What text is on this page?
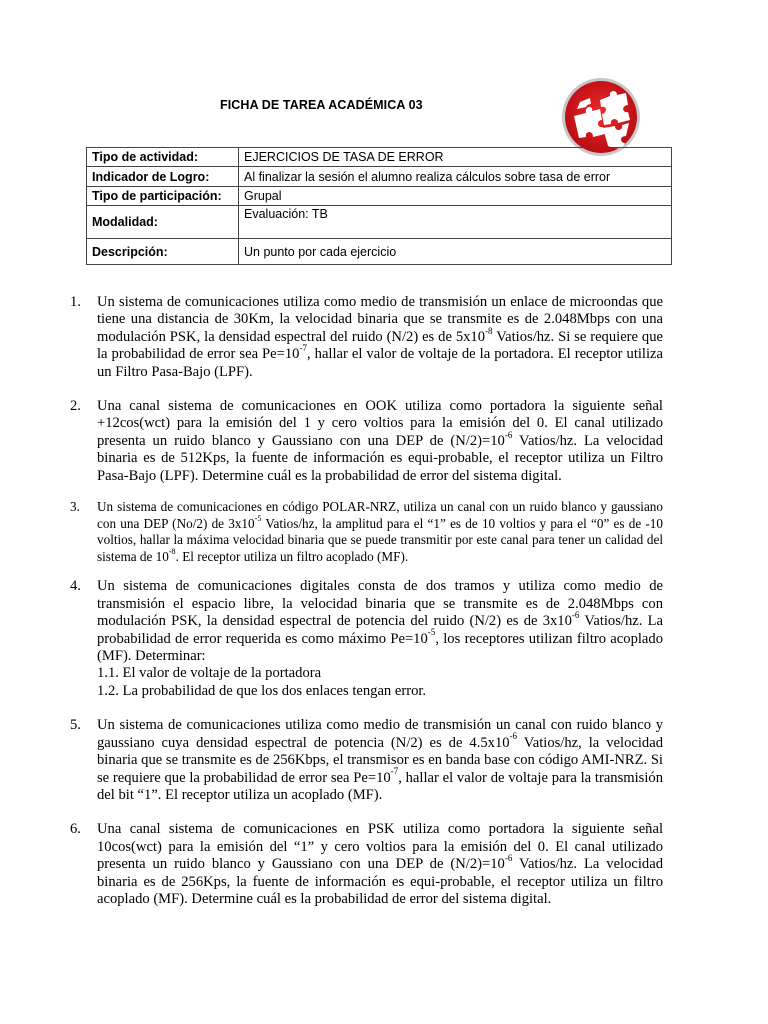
FICHA DE TAREA ACADÉMICA 03
Tipo de actividad:	EJERCICIOS DE TASA DE ERROR
Indicador de Logro:	Al finalizar la sesión el alumno realiza cálculos sobre tasa de error
Tipo de participación:	Grupal
Modalidad:	Evaluación: TB
Descripción:	Un punto por cada ejercicio
1. Un sistema de comunicaciones utiliza como medio de transmisión un enlace de microondas que tiene una distancia de 30Km, la velocidad binaria que se transmite es de 2.048Mbps con una modulación PSK, la densidad espectral del ruido (N/2) es de $5x10^{-8}$ Vatios/hz. Si se requiere que la probabilidad de error sea $Pe=10^{-7}$, hallar el valor de voltaje de la portadora. El receptor utiliza un Filtro Pasa-Bajo (LPF).
2. Una canal sistema de comunicaciones en OOK utiliza como portadora la siguiente señal +12cos(wct) para la emisión del 1 y cero voltios para la emisión del 0. El canal utilizado presenta un ruido blanco y Gaussiano con una DEP de $(N/2)=10^{-6}$ Vatios/hz. La velocidad binaria es de 512Kps, la fuente de información es equi-probable, el receptor utiliza un Filtro Pasa-Bajo (LPF). Determine cuál es la probabilidad de error del sistema digital.
3. Un sistema de comunicaciones en código POLAR-NRZ, utiliza un canal con un ruido blanco y gaussiano con una DEP (No/2) de $3x10^{-5}$ Vatios/hz, la amplitud para el “1” es de 10 voltios y para el “0” es de -10 voltios, hallar la máxima velocidad binaria que se puede transmitir por este canal para tener un calidad del sistema de $10^{-8}$. El receptor utiliza un filtro acoplado (MF).
4. Un sistema de comunicaciones digitales consta de dos tramos y utiliza como medio de transmisión el espacio libre, la velocidad binaria que se transmite es de 2.048Mbps con modulación PSK, la densidad espectral de potencia del ruido (N/2) es de $3x10^{-6}$ Vatios/hz. La probabilidad de error requerida es como máximo $Pe=10^{-5}$, los receptores utilizan filtro acoplado (MF). Determinar:
1.1. El valor de voltaje de la portadora
1.2. La probabilidad de que los dos enlaces tengan error.
5. Un sistema de comunicaciones utiliza como medio de transmisión un canal con ruido blanco y gaussiano cuya densidad espectral de potencia (N/2) es de $4.5x10^{-6}$ Vatios/hz, la velocidad binaria que se transmite es de 256Kbps, el transmisor es en banda base con código AMI-NRZ. Si se requiere que la probabilidad de error sea $Pe=10^{-7}$, hallar el valor de voltaje para la transmisión del bit “1”. El receptor utiliza un acoplado (MF).
6. Una canal sistema de comunicaciones en PSK utiliza como portadora la siguiente señal 10cos(wct) para la emisión del “1” y cero voltios para la emisión del 0. El canal utilizado presenta un ruido blanco y Gaussiano con una DEP de $(N/2)=10^{-6}$ Vatios/hz. La velocidad binaria es de 256Kps, la fuente de información es equi-probable, el receptor utiliza un filtro acoplado (MF). Determine cuál es la probabilidad de error del sistema digital.
